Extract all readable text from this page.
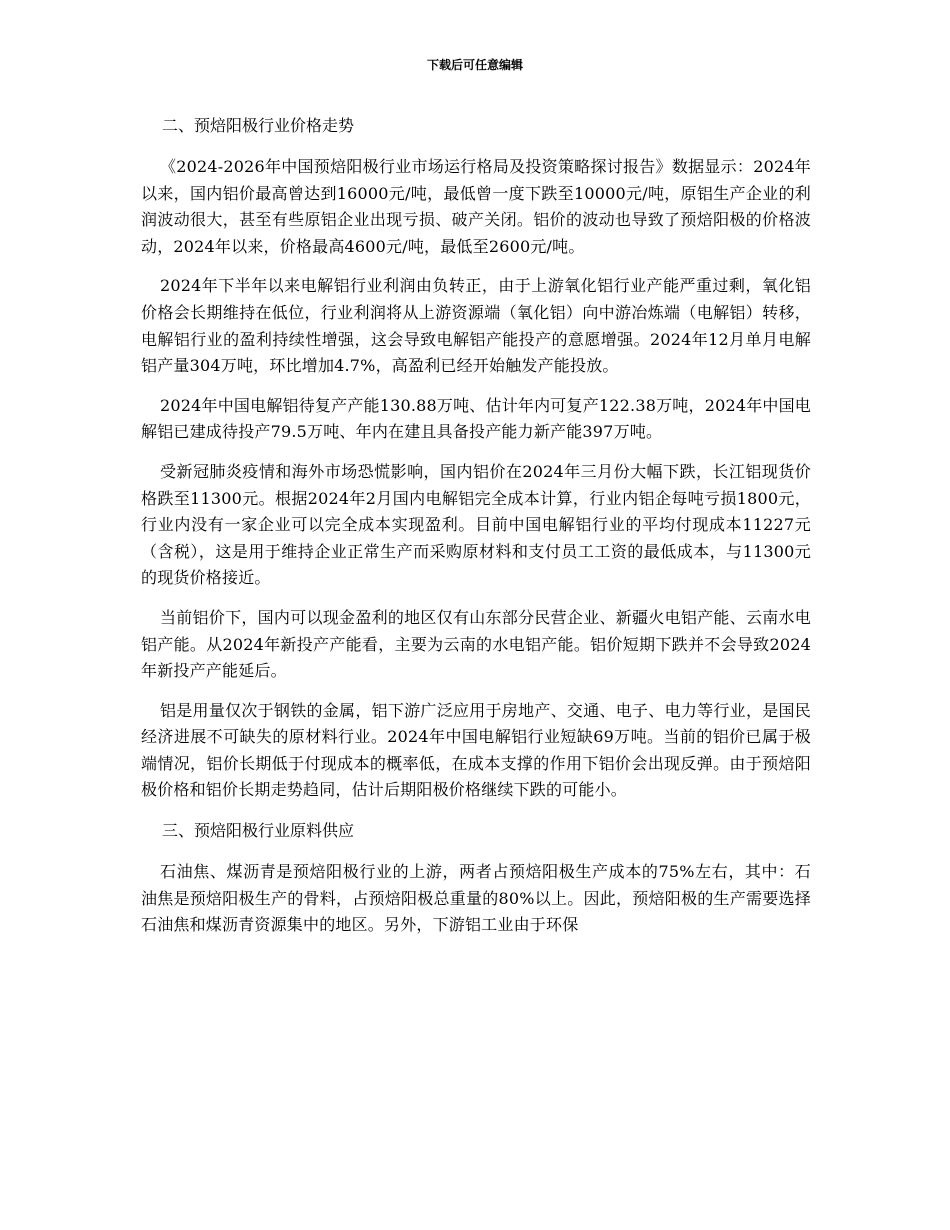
下载后可任意编辑
二、预焙阳极行业价格走势

《2024-2026年中国预焙阳极行业市场运行格局及投资策略探讨报告》数据显示：2024年以来，国内铝价最高曾达到16000元/吨，最低曾一度下跌至10000元/吨，原铝生产企业的利润波动很大，甚至有些原铝企业出现亏损、破产关闭。铝价的波动也导致了预焙阳极的价格波动，2024年以来，价格最高4600元/吨，最低至2600元/吨。

2024年下半年以来电解铝行业利润由负转正，由于上游氧化铝行业产能严重过剩，氧化铝价格会长期维持在低位，行业利润将从上游资源端（氧化铝）向中游冶炼端（电解铝）转移，电解铝行业的盈利持续性增强，这会导致电解铝产能投产的意愿增强。2024年12月单月电解铝产量304万吨，环比增加4.7%，高盈利已经开始触发产能投放。

2024年中国电解铝待复产产能130.88万吨、估计年内可复产122.38万吨，2024年中国电解铝已建成待投产79.5万吨、年内在建且具备投产能力新产能397万吨。

受新冠肺炎疫情和海外市场恐慌影响，国内铝价在2024年三月份大幅下跌，长江铝现货价格跌至11300元。根据2024年2月国内电解铝完全成本计算，行业内铝企每吨亏损1800元，行业内没有一家企业可以完全成本实现盈利。目前中国电解铝行业的平均付现成本11227元（含税），这是用于维持企业正常生产而采购原材料和支付员工工资的最低成本，与11300元的现货价格接近。

当前铝价下，国内可以现金盈利的地区仅有山东部分民营企业、新疆火电铝产能、云南水电铝产能。从2024年新投产产能看，主要为云南的水电铝产能。铝价短期下跌并不会导致2024年新投产产能延后。

铝是用量仅次于钢铁的金属，铝下游广泛应用于房地产、交通、电子、电力等行业，是国民经济进展不可缺失的原材料行业。2024年中国电解铝行业短缺69万吨。当前的铝价已属于极端情况，铝价长期低于付现成本的概率低，在成本支撑的作用下铝价会出现反弹。由于预焙阳极价格和铝价长期走势趋同，估计后期阳极价格继续下跌的可能小。

三、预焙阳极行业原料供应

石油焦、煤沥青是预焙阳极行业的上游，两者占预焙阳极生产成本的75%左右，其中：石油焦是预焙阳极生产的骨料，占预焙阳极总重量的80%以上。因此，预焙阳极的生产需要选择石油焦和煤沥青资源集中的地区。另外，下游铝工业由于环保
